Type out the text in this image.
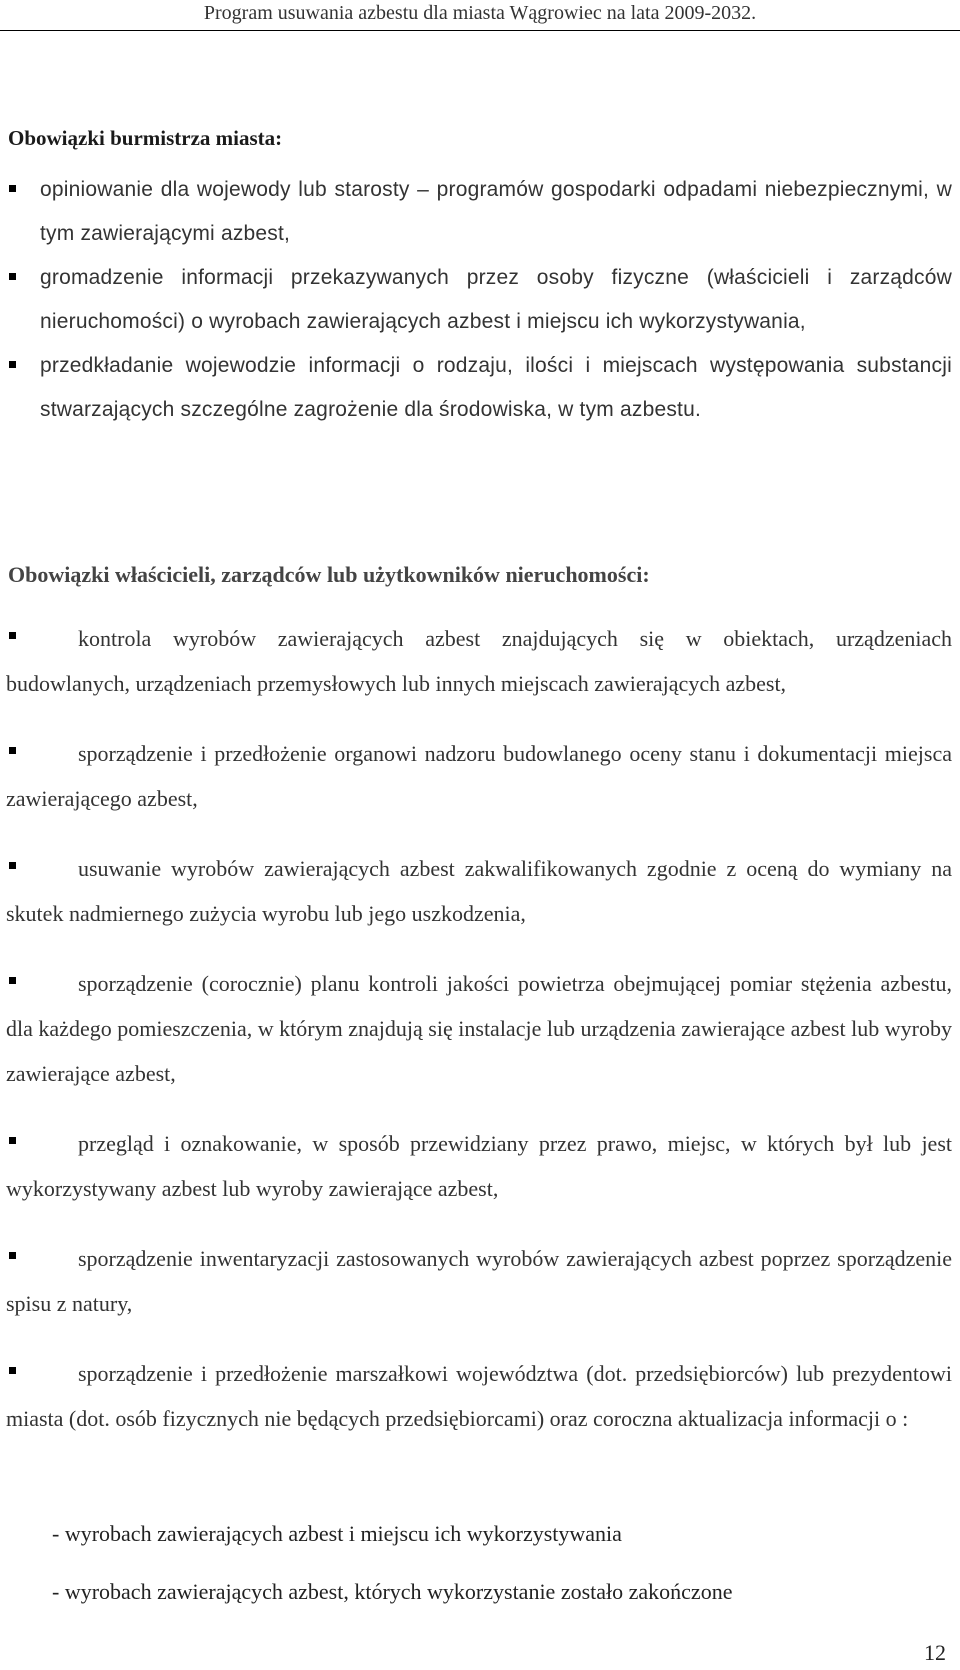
Program usuwania azbestu dla miasta Wągrowiec na lata 2009-2032.
Obowiązki burmistrza miasta:
opiniowanie dla wojewody lub starosty – programów gospodarki odpadami niebezpiecznymi, w tym zawierającymi azbest,
gromadzenie informacji przekazywanych przez osoby fizyczne (właścicieli i zarządców nieruchomości) o wyrobach zawierających azbest i miejscu ich wykorzystywania,
przedkładanie wojewodzie informacji o rodzaju, ilości i miejscach występowania substancji stwarzających szczególne zagrożenie dla środowiska, w tym azbestu.
Obowiązki właścicieli, zarządców lub użytkowników nieruchomości:
kontrola wyrobów zawierających azbest znajdujących się w obiektach, urządzeniach budowlanych, urządzeniach przemysłowych lub innych miejscach zawierających azbest,
sporządzenie i przedłożenie organowi nadzoru budowlanego oceny stanu i dokumentacji miejsca zawierającego azbest,
usuwanie wyrobów zawierających azbest zakwalifikowanych zgodnie z oceną do wymiany na skutek nadmiernego zużycia wyrobu lub jego uszkodzenia,
sporządzenie (corocznie) planu kontroli jakości powietrza obejmującej pomiar stężenia azbestu, dla każdego pomieszczenia, w którym znajdują się instalacje lub urządzenia zawierające azbest lub wyroby zawierające azbest,
przegląd i oznakowanie, w sposób przewidziany przez prawo, miejsc, w których był lub jest wykorzystywany azbest lub wyroby zawierające azbest,
sporządzenie inwentaryzacji zastosowanych wyrobów zawierających azbest poprzez sporządzenie spisu z natury,
sporządzenie i przedłożenie marszałkowi województwa (dot. przedsiębiorców) lub prezydentowi miasta (dot. osób fizycznych nie będących przedsiębiorcami) oraz coroczna aktualizacja informacji o :
- wyrobach zawierających azbest i miejscu ich wykorzystywania
- wyrobach zawierających azbest, których wykorzystanie zostało zakończone
12
